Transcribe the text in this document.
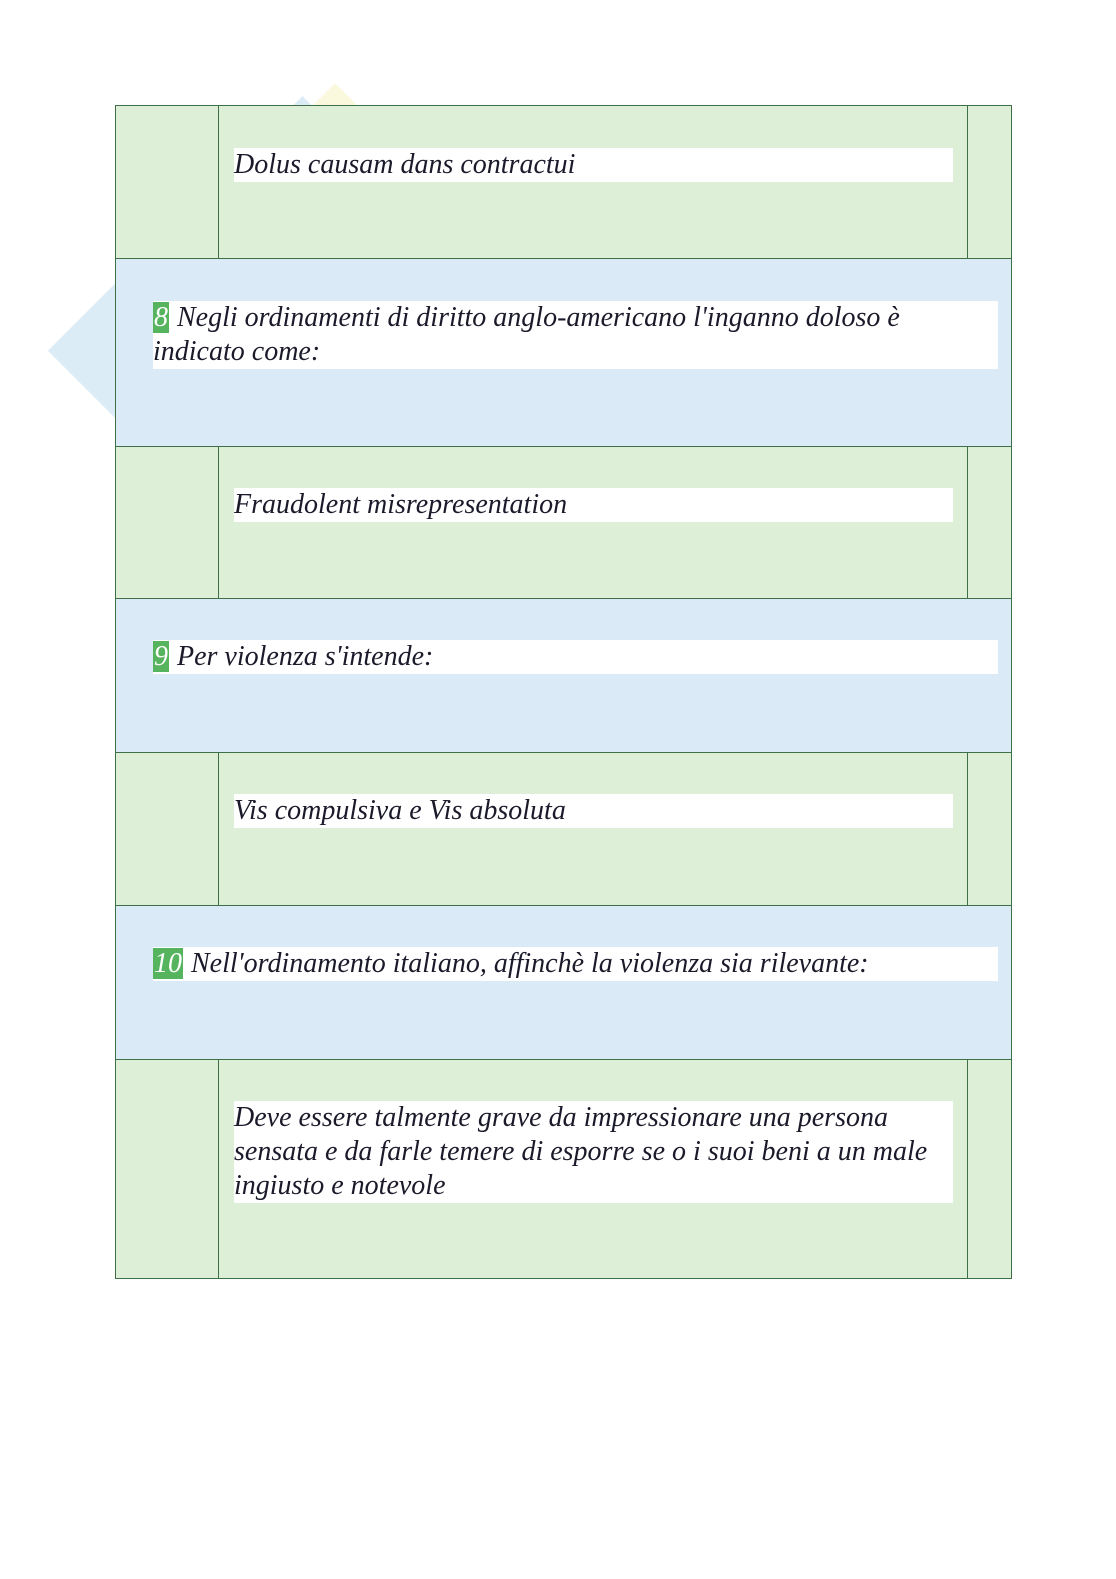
Dolus causam dans contractui
8 Negli ordinamenti di diritto anglo-americano l'inganno doloso è indicato come:
Fraudolent misrepresentation
9 Per violenza s'intende:
Vis compulsiva e Vis absoluta
10 Nell'ordinamento italiano, affinchè la violenza sia rilevante:
Deve essere talmente grave da impressionare una persona sensata e da farle temere di esporre se o i suoi beni a un male ingiusto e notevole
